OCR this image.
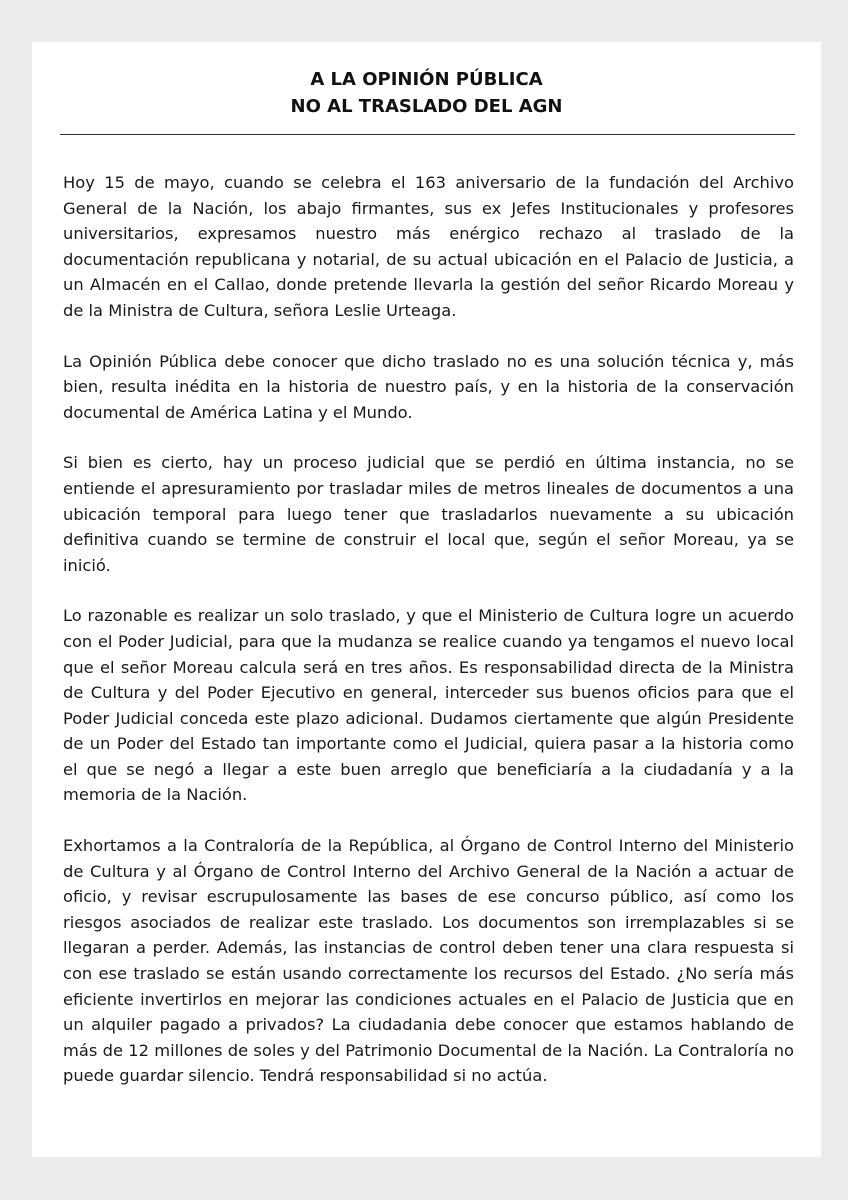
A LA OPINIÓN PÚBLICA
NO AL TRASLADO DEL AGN

Hoy 15 de mayo, cuando se celebra el 163 aniversario de la fundación del Archivo General de la Nación, los abajo firmantes, sus ex Jefes Institucionales y profesores universitarios, expresamos nuestro más enérgico rechazo al traslado de la documentación republicana y notarial, de su actual ubicación en el Palacio de Justicia, a un Almacén en el Callao, donde pretende llevarla la gestión del señor Ricardo Moreau y de la Ministra de Cultura, señora Leslie Urteaga.

La Opinión Pública debe conocer que dicho traslado no es una solución técnica y, más bien, resulta inédita en la historia de nuestro país, y en la historia de la conservación documental de América Latina y el Mundo.

Si bien es cierto, hay un proceso judicial que se perdió en última instancia, no se entiende el apresuramiento por trasladar miles de metros lineales de documentos a una ubicación temporal para luego tener que trasladarlos nuevamente a su ubicación definitiva cuando se termine de construir el local que, según el señor Moreau, ya se inició.

Lo razonable es realizar un solo traslado, y que el Ministerio de Cultura logre un acuerdo con el Poder Judicial, para que la mudanza se realice cuando ya tengamos el nuevo local que el señor Moreau calcula será en tres años. Es responsabilidad directa de la Ministra de Cultura y del Poder Ejecutivo en general, interceder sus buenos oficios para que el Poder Judicial conceda este plazo adicional. Dudamos ciertamente que algún Presidente de un Poder del Estado tan importante como el Judicial, quiera pasar a la historia como el que se negó a llegar a este buen arreglo que beneficiaría a la ciudadanía y a la memoria de la Nación.

Exhortamos a la Contraloría de la República, al Órgano de Control Interno del Ministerio de Cultura y al Órgano de Control Interno del Archivo General de la Nación a actuar de oficio, y revisar escrupulosamente las bases de ese concurso público, así como los riesgos asociados de realizar este traslado. Los documentos son irremplazables si se llegaran a perder. Además, las instancias de control deben tener una clara respuesta si con ese traslado se están usando correctamente los recursos del Estado. ¿No sería más eficiente invertirlos en mejorar las condiciones actuales en el Palacio de Justicia que en un alquiler pagado a privados? La ciudadania debe conocer que estamos hablando de más de 12 millones de soles y del Patrimonio Documental de la Nación. La Contraloría no puede guardar silencio. Tendrá responsabilidad si no actúa.
